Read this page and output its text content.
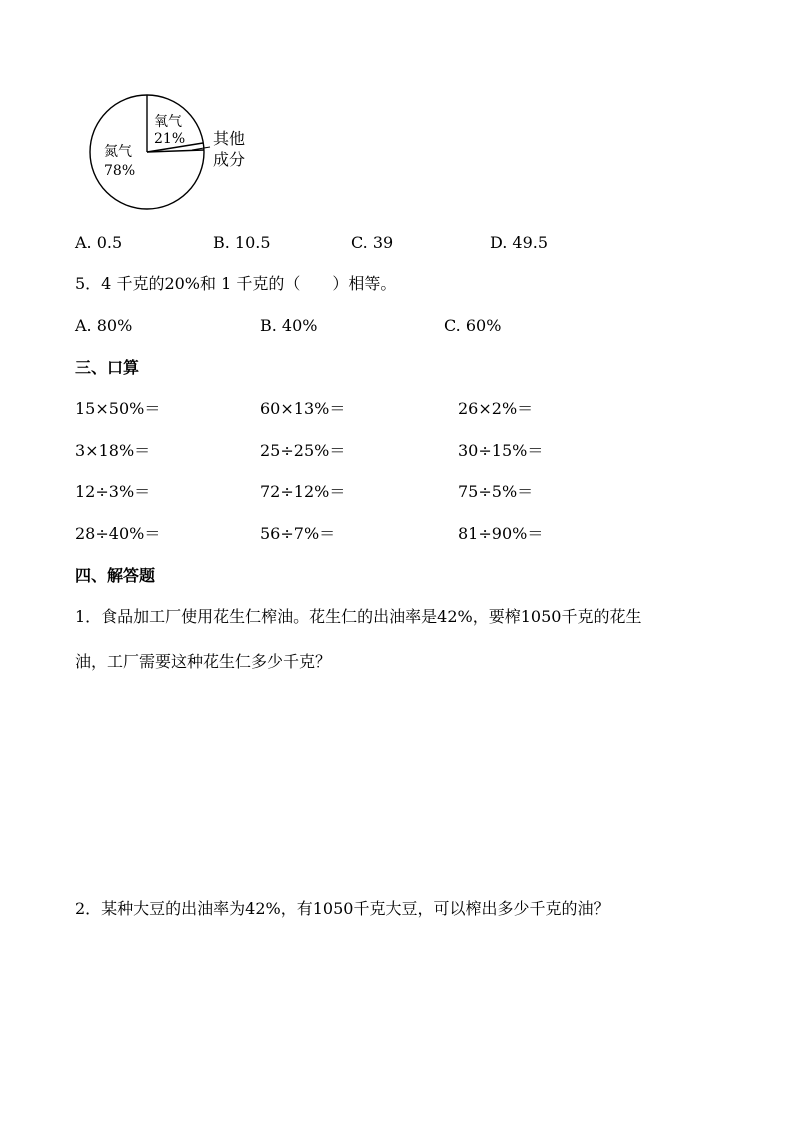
氧气
21%
氮气
78%
其他
成分
A. 0.5	B. 10.5	C. 39	D. 49.5
5．4 千克的20%和 1 千克的（　　）相等。
A. 80%	B. 40%	C. 60%
三、口算
15×50%＝	60×13%＝	26×2%＝
3×18%＝	25÷25%＝	30÷15%＝
12÷3%＝	72÷12%＝	75÷5%＝
28÷40%＝	56÷7%＝	81÷90%＝
四、解答题
1．食品加工厂使用花生仁榨油。花生仁的出油率是42%，要榨1050千克的花生
油，工厂需要这种花生仁多少千克？
2．某种大豆的出油率为42%，有1050千克大豆，可以榨出多少千克的油？
